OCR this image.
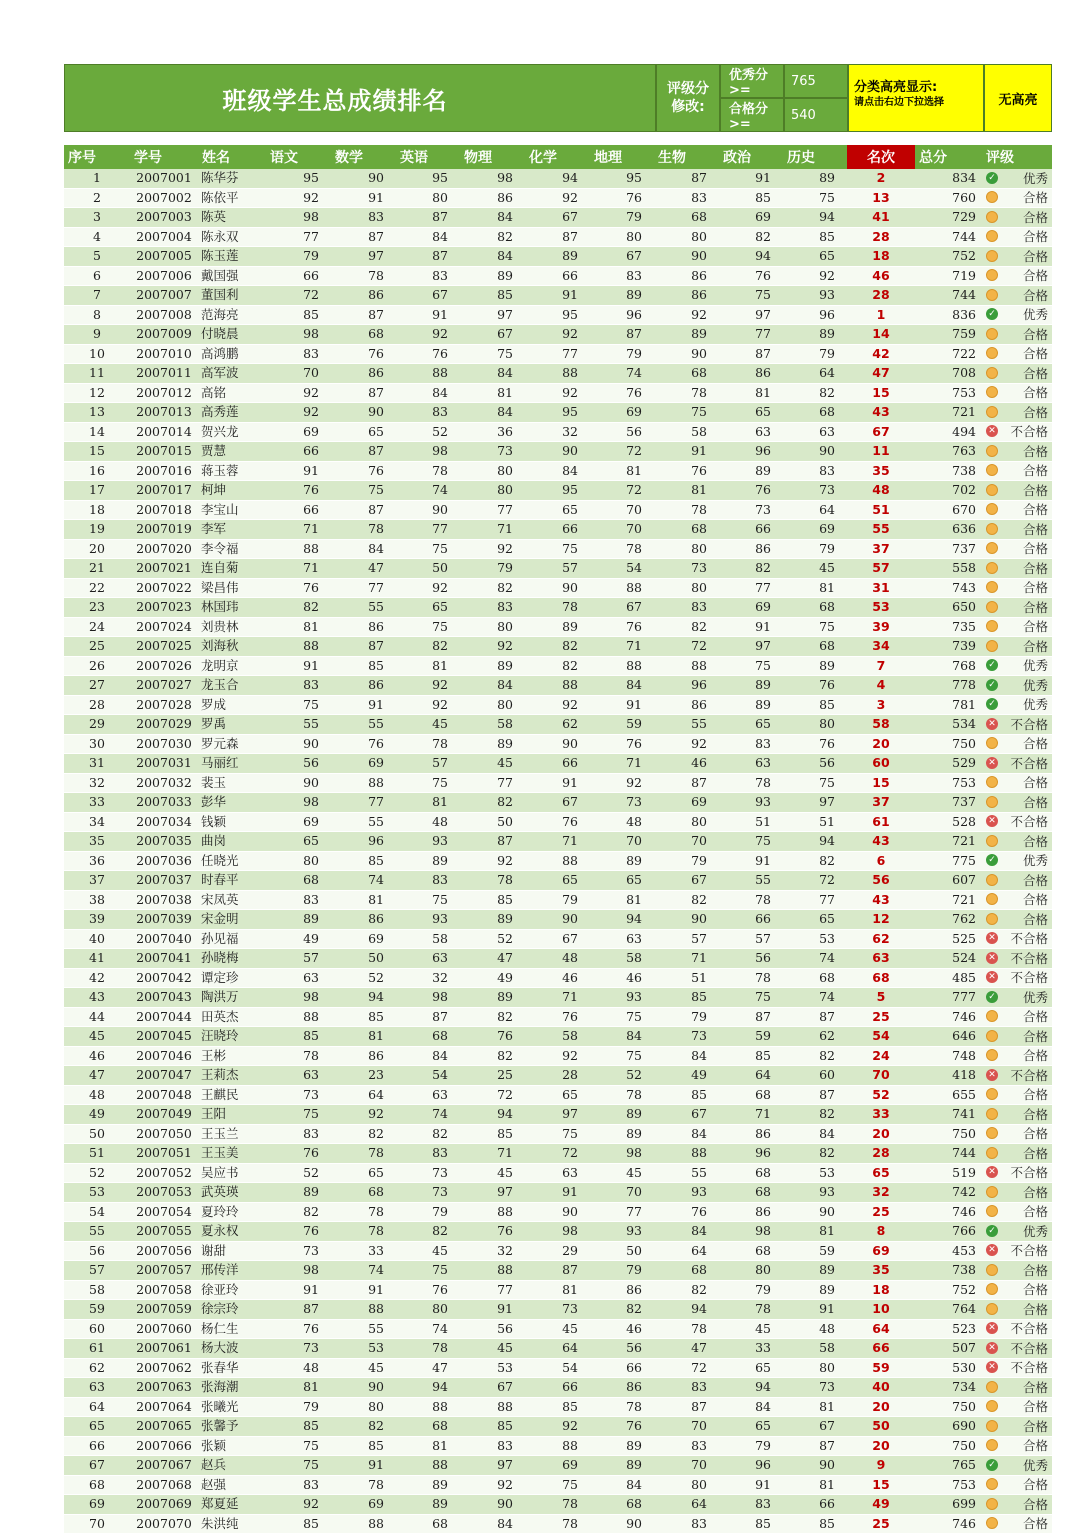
班级学生总成绩排名	评级分修改:
优秀分>=
765
合格分>=
540
分类高亮显示:
请点击右边下拉选择	无高亮
序号	学号	姓名	语文	数学	英语	物理	化学	地理	生物	政治	历史	名次	总分	评级
1	2007001	陈华芬	95	90	95	98	94	95	87	91	89	2	834	✓ 优秀
2	2007002	陈依平	92	91	80	86	92	76	83	85	75	13	760	合格
3	2007003	陈英	98	83	87	84	67	79	68	69	94	41	729	合格
4	2007004	陈永双	77	87	84	82	87	80	80	82	85	28	744	合格
5	2007005	陈玉莲	79	97	87	84	89	67	90	94	65	18	752	合格
6	2007006	戴国强	66	78	83	89	66	83	86	76	92	46	719	合格
7	2007007	董国利	72	86	67	85	91	89	86	75	93	28	744	合格
8	2007008	范海亮	85	87	91	97	95	96	92	97	96	1	836	✓ 优秀
9	2007009	付晓晨	98	68	92	67	92	87	89	77	89	14	759	合格
10	2007010	高鸿鹏	83	76	76	75	77	79	90	87	79	42	722	合格
11	2007011	高军波	70	86	88	84	88	74	68	86	64	47	708	合格
12	2007012	高铭	92	87	84	81	92	76	78	81	82	15	753	合格
13	2007013	高秀莲	92	90	83	84	95	69	75	65	68	43	721	合格
14	2007014	贺兴龙	69	65	52	36	32	56	58	63	63	67	494	✕ 不合格
15	2007015	贾慧	66	87	98	73	90	72	91	96	90	11	763	合格
16	2007016	蒋玉蓉	91	76	78	80	84	81	76	89	83	35	738	合格
17	2007017	柯坤	76	75	74	80	95	72	81	76	73	48	702	合格
18	2007018	李宝山	66	87	90	77	65	70	78	73	64	51	670	合格
19	2007019	李军	71	78	77	71	66	70	68	66	69	55	636	合格
20	2007020	李令福	88	84	75	92	75	78	80	86	79	37	737	合格
21	2007021	连自菊	71	47	50	79	57	54	73	82	45	57	558	合格
22	2007022	梁昌伟	76	77	92	82	90	88	80	77	81	31	743	合格
23	2007023	林国玮	82	55	65	83	78	67	83	69	68	53	650	合格
24	2007024	刘贵林	81	86	75	80	89	76	82	91	75	39	735	合格
25	2007025	刘海秋	88	87	82	92	82	71	72	97	68	34	739	合格
26	2007026	龙明京	91	85	81	89	82	88	88	75	89	7	768	✓ 优秀
27	2007027	龙玉合	83	86	92	84	88	84	96	89	76	4	778	✓ 优秀
28	2007028	罗成	75	91	92	80	92	91	86	89	85	3	781	✓ 优秀
29	2007029	罗禹	55	55	45	58	62	59	55	65	80	58	534	✕ 不合格
30	2007030	罗元森	90	76	78	89	90	76	92	83	76	20	750	合格
31	2007031	马丽红	56	69	57	45	66	71	46	63	56	60	529	✕ 不合格
32	2007032	裴玉	90	88	75	77	91	92	87	78	75	15	753	合格
33	2007033	彭华	98	77	81	82	67	73	69	93	97	37	737	合格
34	2007034	钱颖	69	55	48	50	76	48	80	51	51	61	528	✕ 不合格
35	2007035	曲岗	65	96	93	87	71	70	70	75	94	43	721	合格
36	2007036	任晓光	80	85	89	92	88	89	79	91	82	6	775	✓ 优秀
37	2007037	时春平	68	74	83	78	65	65	67	55	72	56	607	合格
38	2007038	宋凤英	83	81	75	85	79	81	82	78	77	43	721	合格
39	2007039	宋金明	89	86	93	89	90	94	90	66	65	12	762	合格
40	2007040	孙见福	49	69	58	52	67	63	57	57	53	62	525	✕ 不合格
41	2007041	孙晓梅	57	50	63	47	48	58	71	56	74	63	524	✕ 不合格
42	2007042	谭定珍	63	52	32	49	46	46	51	78	68	68	485	✕ 不合格
43	2007043	陶洪万	98	94	98	89	71	93	85	75	74	5	777	✓ 优秀
44	2007044	田英杰	88	85	87	82	76	75	79	87	87	25	746	合格
45	2007045	汪晓玲	85	81	68	76	58	84	73	59	62	54	646	合格
46	2007046	王彬	78	86	84	82	92	75	84	85	82	24	748	合格
47	2007047	王莉杰	63	23	54	25	28	52	49	64	60	70	418	✕ 不合格
48	2007048	王麒民	73	64	63	72	65	78	85	68	87	52	655	合格
49	2007049	王阳	75	92	74	94	97	89	67	71	82	33	741	合格
50	2007050	王玉兰	83	82	82	85	75	89	84	86	84	20	750	合格
51	2007051	王玉美	76	78	83	71	72	98	88	96	82	28	744	合格
52	2007052	吴应书	52	65	73	45	63	45	55	68	53	65	519	✕ 不合格
53	2007053	武英瑛	89	68	73	97	91	70	93	68	93	32	742	合格
54	2007054	夏玲玲	82	78	79	88	90	77	76	86	90	25	746	合格
55	2007055	夏永权	76	78	82	76	98	93	84	98	81	8	766	✓ 优秀
56	2007056	谢甜	73	33	45	32	29	50	64	68	59	69	453	✕ 不合格
57	2007057	邢传洋	98	74	75	88	87	79	68	80	89	35	738	合格
58	2007058	徐亚玲	91	91	76	77	81	86	82	79	89	18	752	合格
59	2007059	徐宗玲	87	88	80	91	73	82	94	78	91	10	764	合格
60	2007060	杨仁生	76	55	74	56	45	46	78	45	48	64	523	✕ 不合格
61	2007061	杨大波	73	53	78	45	64	56	47	33	58	66	507	✕ 不合格
62	2007062	张春华	48	45	47	53	54	66	72	65	80	59	530	✕ 不合格
63	2007063	张海潮	81	90	94	67	66	86	83	94	73	40	734	合格
64	2007064	张曦光	79	80	88	88	85	78	87	84	81	20	750	合格
65	2007065	张馨予	85	82	68	85	92	76	70	65	67	50	690	合格
66	2007066	张颖	75	85	81	83	88	89	83	79	87	20	750	合格
67	2007067	赵兵	75	91	88	97	69	89	70	96	90	9	765	✓ 优秀
68	2007068	赵强	83	78	89	92	75	84	80	91	81	15	753	合格
69	2007069	郑夏延	92	69	89	90	78	68	64	83	66	49	699	合格
70	2007070	朱洪纯	85	88	68	84	78	90	83	85	85	25	746	合格
